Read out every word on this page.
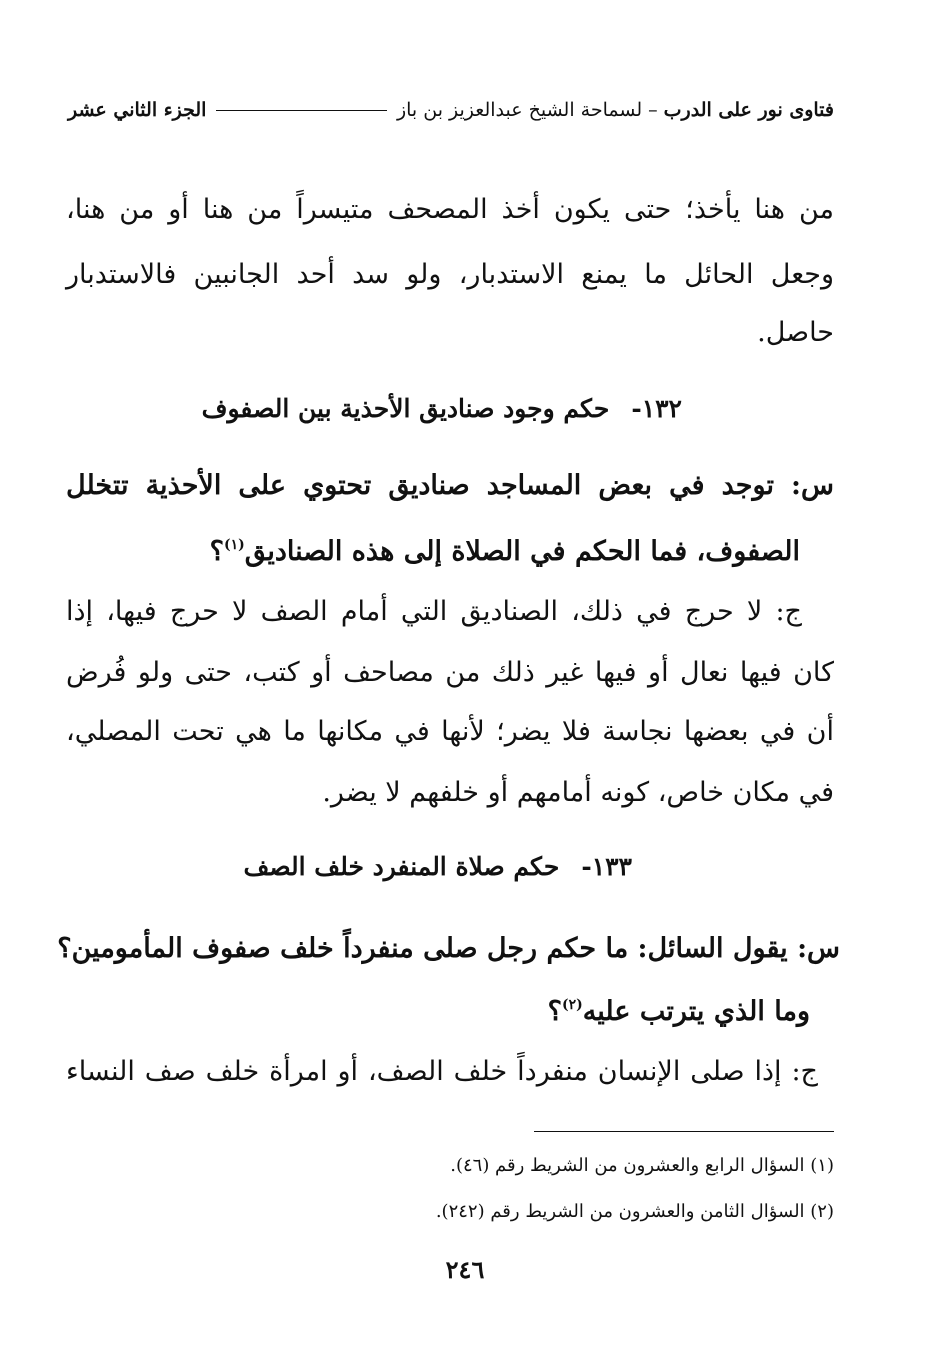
فتاوى نور على الدرب
– لسماحة الشيخ عبدالعزيز بن باز
الجزء الثاني عشر
من هنا يأخذ؛ حتى يكون أخذ المصحف متيسراً من هنا أو من هنا،
وجعل الحائل ما يمنع الاستدبار، ولو سد أحد الجانبين فالاستدبار
حاصل.
١٣٢-حكم وجود صناديق الأحذية بين الصفوف
س: توجد في بعض المساجد صناديق تحتوي على الأحذية تتخلل
الصفوف، فما الحكم في الصلاة إلى هذه الصناديق$^{(١)}$؟
ج: لا حرج في ذلك، الصناديق التي أمام الصف لا حرج فيها، إذا
كان فيها نعال أو فيها غير ذلك من مصاحف أو كتب، حتى ولو فُرض
أن في بعضها نجاسة فلا يضر؛ لأنها في مكانها ما هي تحت المصلي،
في مكان خاص، كونه أمامهم أو خلفهم لا يضر.
١٣٣-حكم صلاة المنفرد خلف الصف
س: يقول السائل: ما حكم رجل صلى منفرداً خلف صفوف المأمومين؟
وما الذي يترتب عليه$^{(٢)}$؟
ج: إذا صلى الإنسان منفرداً خلف الصف، أو امرأة خلف صف النساء
(١) السؤال الرابع والعشرون من الشريط رقم (٤٦).
(٢) السؤال الثامن والعشرون من الشريط رقم (٢٤٢).
٢٤٦
